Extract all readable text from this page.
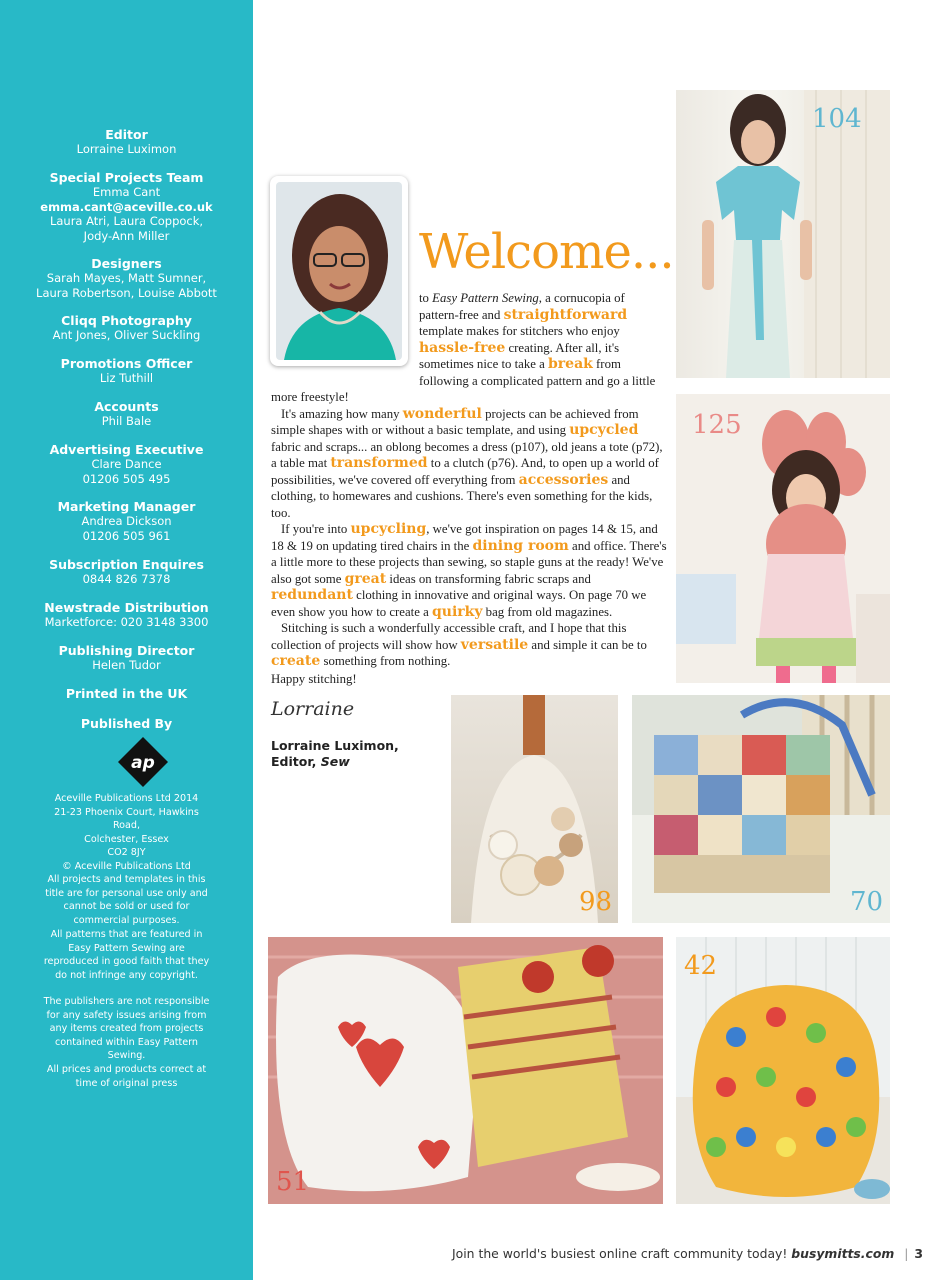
Editor
Lorraine Luximon
Special Projects Team
Emma Cant
emma.cant@aceville.co.uk
Laura Atri, Laura Coppock,
Jody-Ann Miller
Designers
Sarah Mayes, Matt Sumner,
Laura Robertson, Louise Abbott
Cliqq Photography
Ant Jones, Oliver Suckling
Promotions Officer
Liz Tuthill
Accounts
Phil Bale
Advertising Executive
Clare Dance
01206 505 495
Marketing Manager
Andrea Dickson
01206 505 961
Subscription Enquires
0844 826 7378
Newstrade Distribution
Marketforce: 020 3148 3300
Publishing Director
Helen Tudor
Printed in the UK
Published By
ap
Aceville Publications Ltd 2014
21-23 Phoenix Court, Hawkins Road,
Colchester, Essex
CO2 8JY
© Aceville Publications Ltd
All projects and templates in this title are for personal use only and cannot be sold or used for commercial purposes.
All patterns that are featured in Easy Pattern Sewing are reproduced in good faith that they do not infringe any copyright.
The publishers are not responsible for any safety issues arising from any items created from projects contained within Easy Pattern Sewing.
All prices and products correct at time of original press
Welcome...

to Easy Pattern Sewing, a cornucopia of pattern-free and straightforward template makes for stitchers who enjoy hassle-free creating. After all, it's sometimes nice to take a break from following a complicated pattern and go a little more freestyle!

It's amazing how many wonderful projects can be achieved from simple shapes with or without a basic template, and using upcycled fabric and scraps... an oblong becomes a dress (p107), old jeans a tote (p72), a table mat transformed to a clutch (p76). And, to open up a world of possibilities, we've covered off everything from accessories and clothing, to homewares and cushions. There's even something for the kids, too.

If you're into upcycling, we've got inspiration on pages 14 & 15, and 18 & 19 on updating tired chairs in the dining room and office. There's a little more to these projects than sewing, so staple guns at the ready! We've also got some great ideas on transforming fabric scraps and redundant clothing in innovative and original ways. On page 70 we even show you how to create a quirky bag from old magazines.

Stitching is such a wonderfully accessible craft, and I hope that this collection of projects will show how versatile and simple it can be to create something from nothing.

Happy stitching!
Lorraine
Lorraine Luximon,
Editor, Sew
104
125
98	70
51
42
Join the world's busiest online craft community today! busymitts.com | 3
